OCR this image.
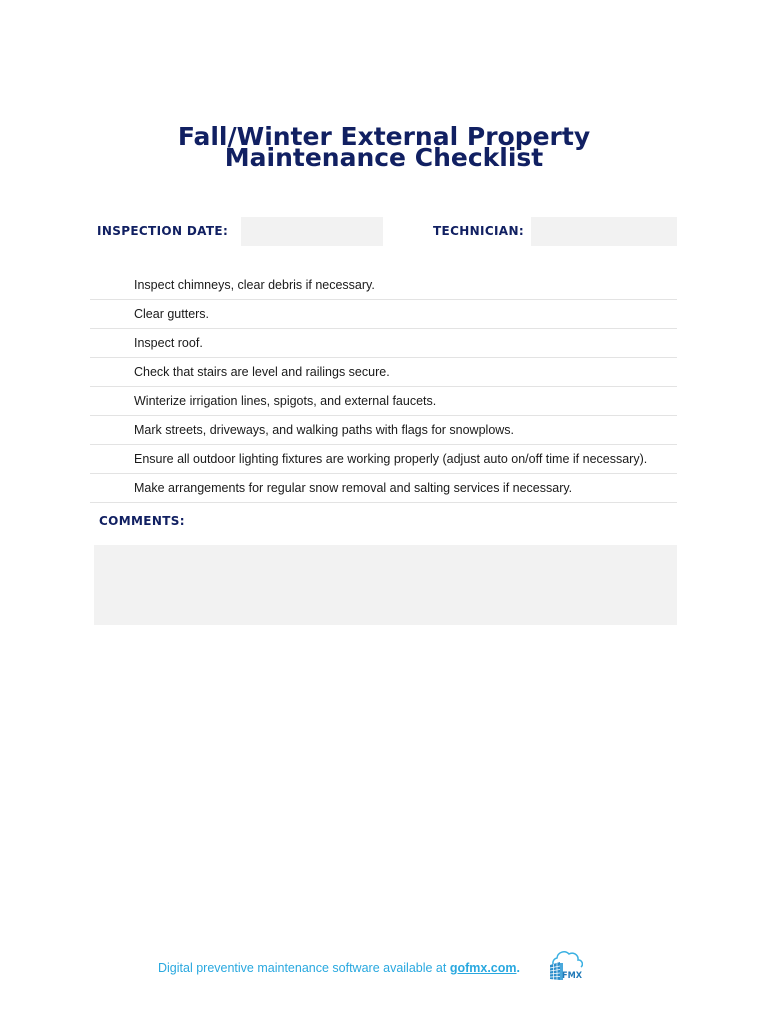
Fall/Winter External Property
Maintenance Checklist
INSPECTION DATE:	TECHNICIAN:
Inspect chimneys, clear debris if necessary.
Clear gutters.
Inspect roof.
Check that stairs are level and railings secure.
Winterize irrigation lines, spigots, and external faucets.
Mark streets, driveways, and walking paths with flags for snowplows.
Ensure all outdoor lighting fixtures are working properly (adjust auto on/off time if necessary).
Make arrangements for regular snow removal and salting services if necessary.
COMMENTS:
Digital preventive maintenance software available at gofmx.com.
FMX
